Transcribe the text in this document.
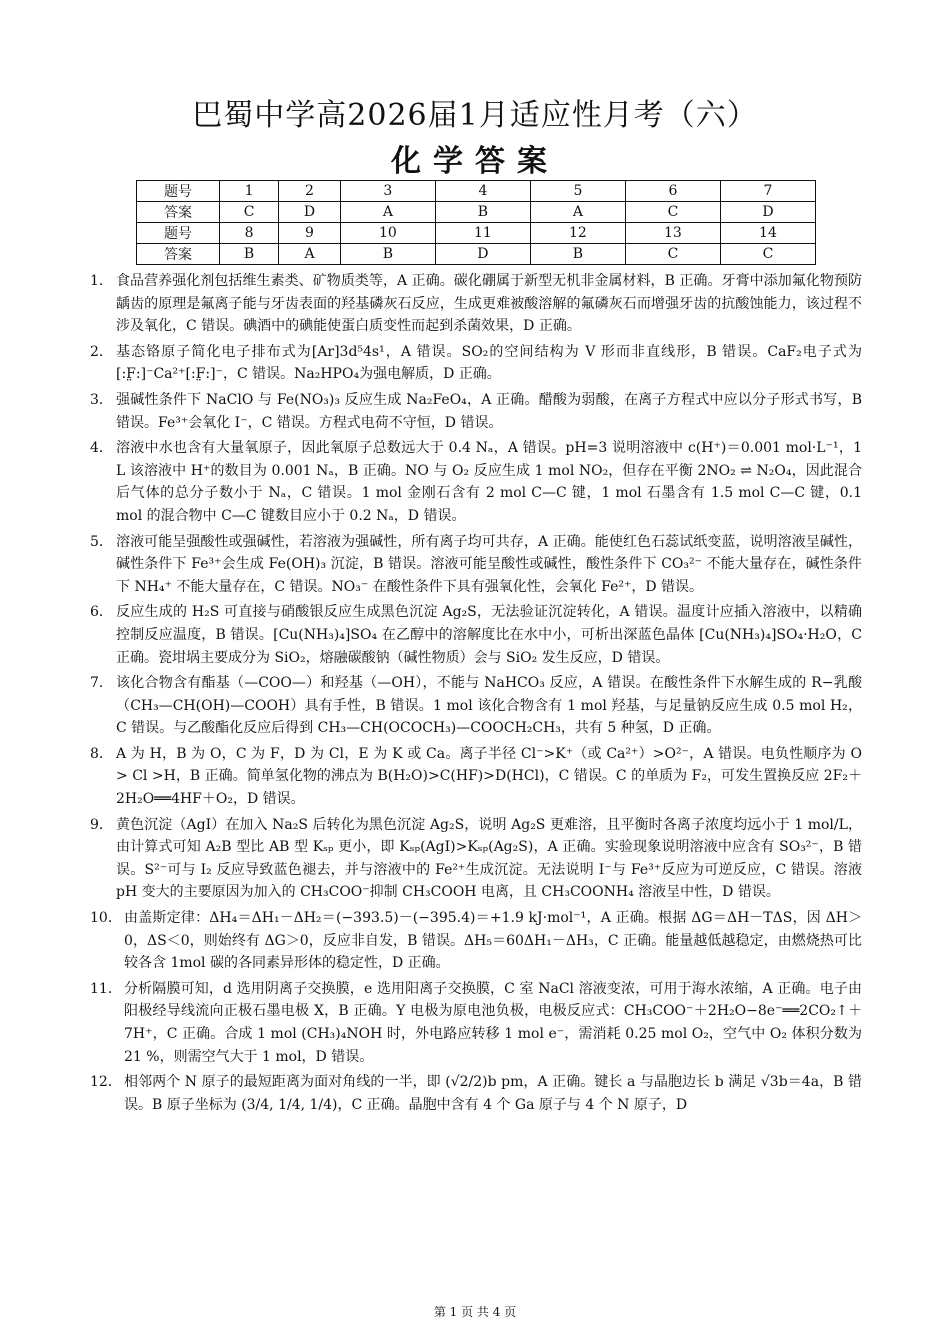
巴蜀中学高2026届1月适应性月考（六）
化学答案
题号	1	2	3	4	5	6	7
答案	C	D	A	B	A	C	D
题号	8	9	10	11	12	13	14
答案	B	A	B	D	B	C	C
1． 食品营养强化剂包括维生素类、矿物质类等，A 正确。碳化硼属于新型无机非金属材料，B 正确。牙膏中添加氟化物预防龋齿的原理是氟离子能与牙齿表面的羟基磷灰石反应，生成更难被酸溶解的氟磷灰石而增强牙齿的抗酸蚀能力，该过程不涉及氧化，C 错误。碘酒中的碘能使蛋白质变性而起到杀菌效果，D 正确。
2． 基态铬原子简化电子排布式为[Ar]3d⁵4s¹，A 错误。SO₂的空间结构为 V 形而非直线形，B 错误。CaF₂电子式为[:F̤:]⁻Ca²⁺[:F̤:]⁻，C 错误。Na₂HPO₄为强电解质，D 正确。
3． 强碱性条件下 NaClO 与 Fe(NO₃)₃ 反应生成 Na₂FeO₄，A 正确。醋酸为弱酸，在离子方程式中应以分子形式书写，B 错误。Fe³⁺会氧化 I⁻，C 错误。方程式电荷不守恒，D 错误。
4． 溶液中水也含有大量氧原子，因此氧原子总数远大于 0.4 Nₐ，A 错误。pH=3 说明溶液中 c(H⁺)＝0.001 mol·L⁻¹，1 L 该溶液中 H⁺的数目为 0.001 Nₐ，B 正确。NO 与 O₂ 反应生成 1 mol NO₂，但存在平衡 2NO₂ ⇌ N₂O₄，因此混合后气体的总分子数小于 Nₐ，C 错误。1 mol 金刚石含有 2 mol C—C 键，1 mol 石墨含有 1.5 mol C—C 键，0.1 mol 的混合物中 C—C 键数目应小于 0.2 Nₐ，D 错误。
5． 溶液可能呈强酸性或强碱性，若溶液为强碱性，所有离子均可共存，A 正确。能使红色石蕊试纸变蓝，说明溶液呈碱性，碱性条件下 Fe³⁺会生成 Fe(OH)₃ 沉淀，B 错误。溶液可能呈酸性或碱性，酸性条件下 CO₃²⁻ 不能大量存在，碱性条件下 NH₄⁺ 不能大量存在，C 错误。NO₃⁻ 在酸性条件下具有强氧化性，会氧化 Fe²⁺，D 错误。
6． 反应生成的 H₂S 可直接与硝酸银反应生成黑色沉淀 Ag₂S，无法验证沉淀转化，A 错误。温度计应插入溶液中，以精确控制反应温度，B 错误。[Cu(NH₃)₄]SO₄ 在乙醇中的溶解度比在水中小，可析出深蓝色晶体 [Cu(NH₃)₄]SO₄·H₂O，C 正确。瓷坩埚主要成分为 SiO₂，熔融碳酸钠（碱性物质）会与 SiO₂ 发生反应，D 错误。
7． 该化合物含有酯基（—COO—）和羟基（—OH），不能与 NaHCO₃ 反应，A 错误。在酸性条件下水解生成的 R−乳酸（CH₃—CH(OH)—COOH）具有手性，B 错误。1 mol 该化合物含有 1 mol 羟基，与足量钠反应生成 0.5 mol H₂，C 错误。与乙酸酯化反应后得到 CH₃—CH(OCOCH₃)—COOCH₂CH₃，共有 5 种氢，D 正确。
8． A 为 H，B 为 O，C 为 F，D 为 Cl，E 为 K 或 Ca。离子半径 Cl⁻>K⁺（或 Ca²⁺）>O²⁻，A 错误。电负性顺序为 O > Cl >H，B 正确。简单氢化物的沸点为 B(H₂O)>C(HF)>D(HCl)，C 错误。C 的单质为 F₂，可发生置换反应 2F₂＋2H₂O══4HF＋O₂，D 错误。
9． 黄色沉淀（AgI）在加入 Na₂S 后转化为黑色沉淀 Ag₂S，说明 Ag₂S 更难溶，且平衡时各离子浓度均远小于 1 mol/L，由计算式可知 A₂B 型比 AB 型 Kₛₚ 更小，即 Kₛₚ(AgI)>Kₛₚ(Ag₂S)，A 正确。实验现象说明溶液中应含有 SO₃²⁻，B 错误。S²⁻可与 I₂ 反应导致蓝色褪去，并与溶液中的 Fe²⁺生成沉淀。无法说明 I⁻与 Fe³⁺反应为可逆反应，C 错误。溶液 pH 变大的主要原因为加入的 CH₃COO⁻抑制 CH₃COOH 电离，且 CH₃COONH₄ 溶液呈中性，D 错误。
10． 由盖斯定律：ΔH₄＝ΔH₁－ΔH₂＝(−393.5)－(−395.4)＝+1.9 kJ·mol⁻¹，A 正确。根据 ΔG＝ΔH－TΔS，因 ΔH＞0，ΔS＜0，则始终有 ΔG＞0，反应非自发，B 错误。ΔH₅＝60ΔH₁－ΔH₃，C 正确。能量越低越稳定，由燃烧热可比较各含 1mol 碳的各同素异形体的稳定性，D 正确。
11． 分析隔膜可知，d 选用阴离子交换膜，e 选用阳离子交换膜，C 室 NaCl 溶液变浓，可用于海水浓缩，A 正确。电子由阳极经导线流向正极石墨电极 X，B 正确。Y 电极为原电池负极，电极反应式：CH₃COO⁻＋2H₂O−8e⁻══2CO₂↑＋7H⁺，C 正确。合成 1 mol (CH₃)₄NOH 时，外电路应转移 1 mol e⁻，需消耗 0.25 mol O₂，空气中 O₂ 体积分数为 21 %，则需空气大于 1 mol，D 错误。
12． 相邻两个 N 原子的最短距离为面对角线的一半，即 (√2/2)b pm，A 正确。键长 a 与晶胞边长 b 满足 √3b＝4a，B 错误。B 原子坐标为 (3/4, 1/4, 1/4)，C 正确。晶胞中含有 4 个 Ga 原子与 4 个 N 原子，D
第 1 页 共 4 页
